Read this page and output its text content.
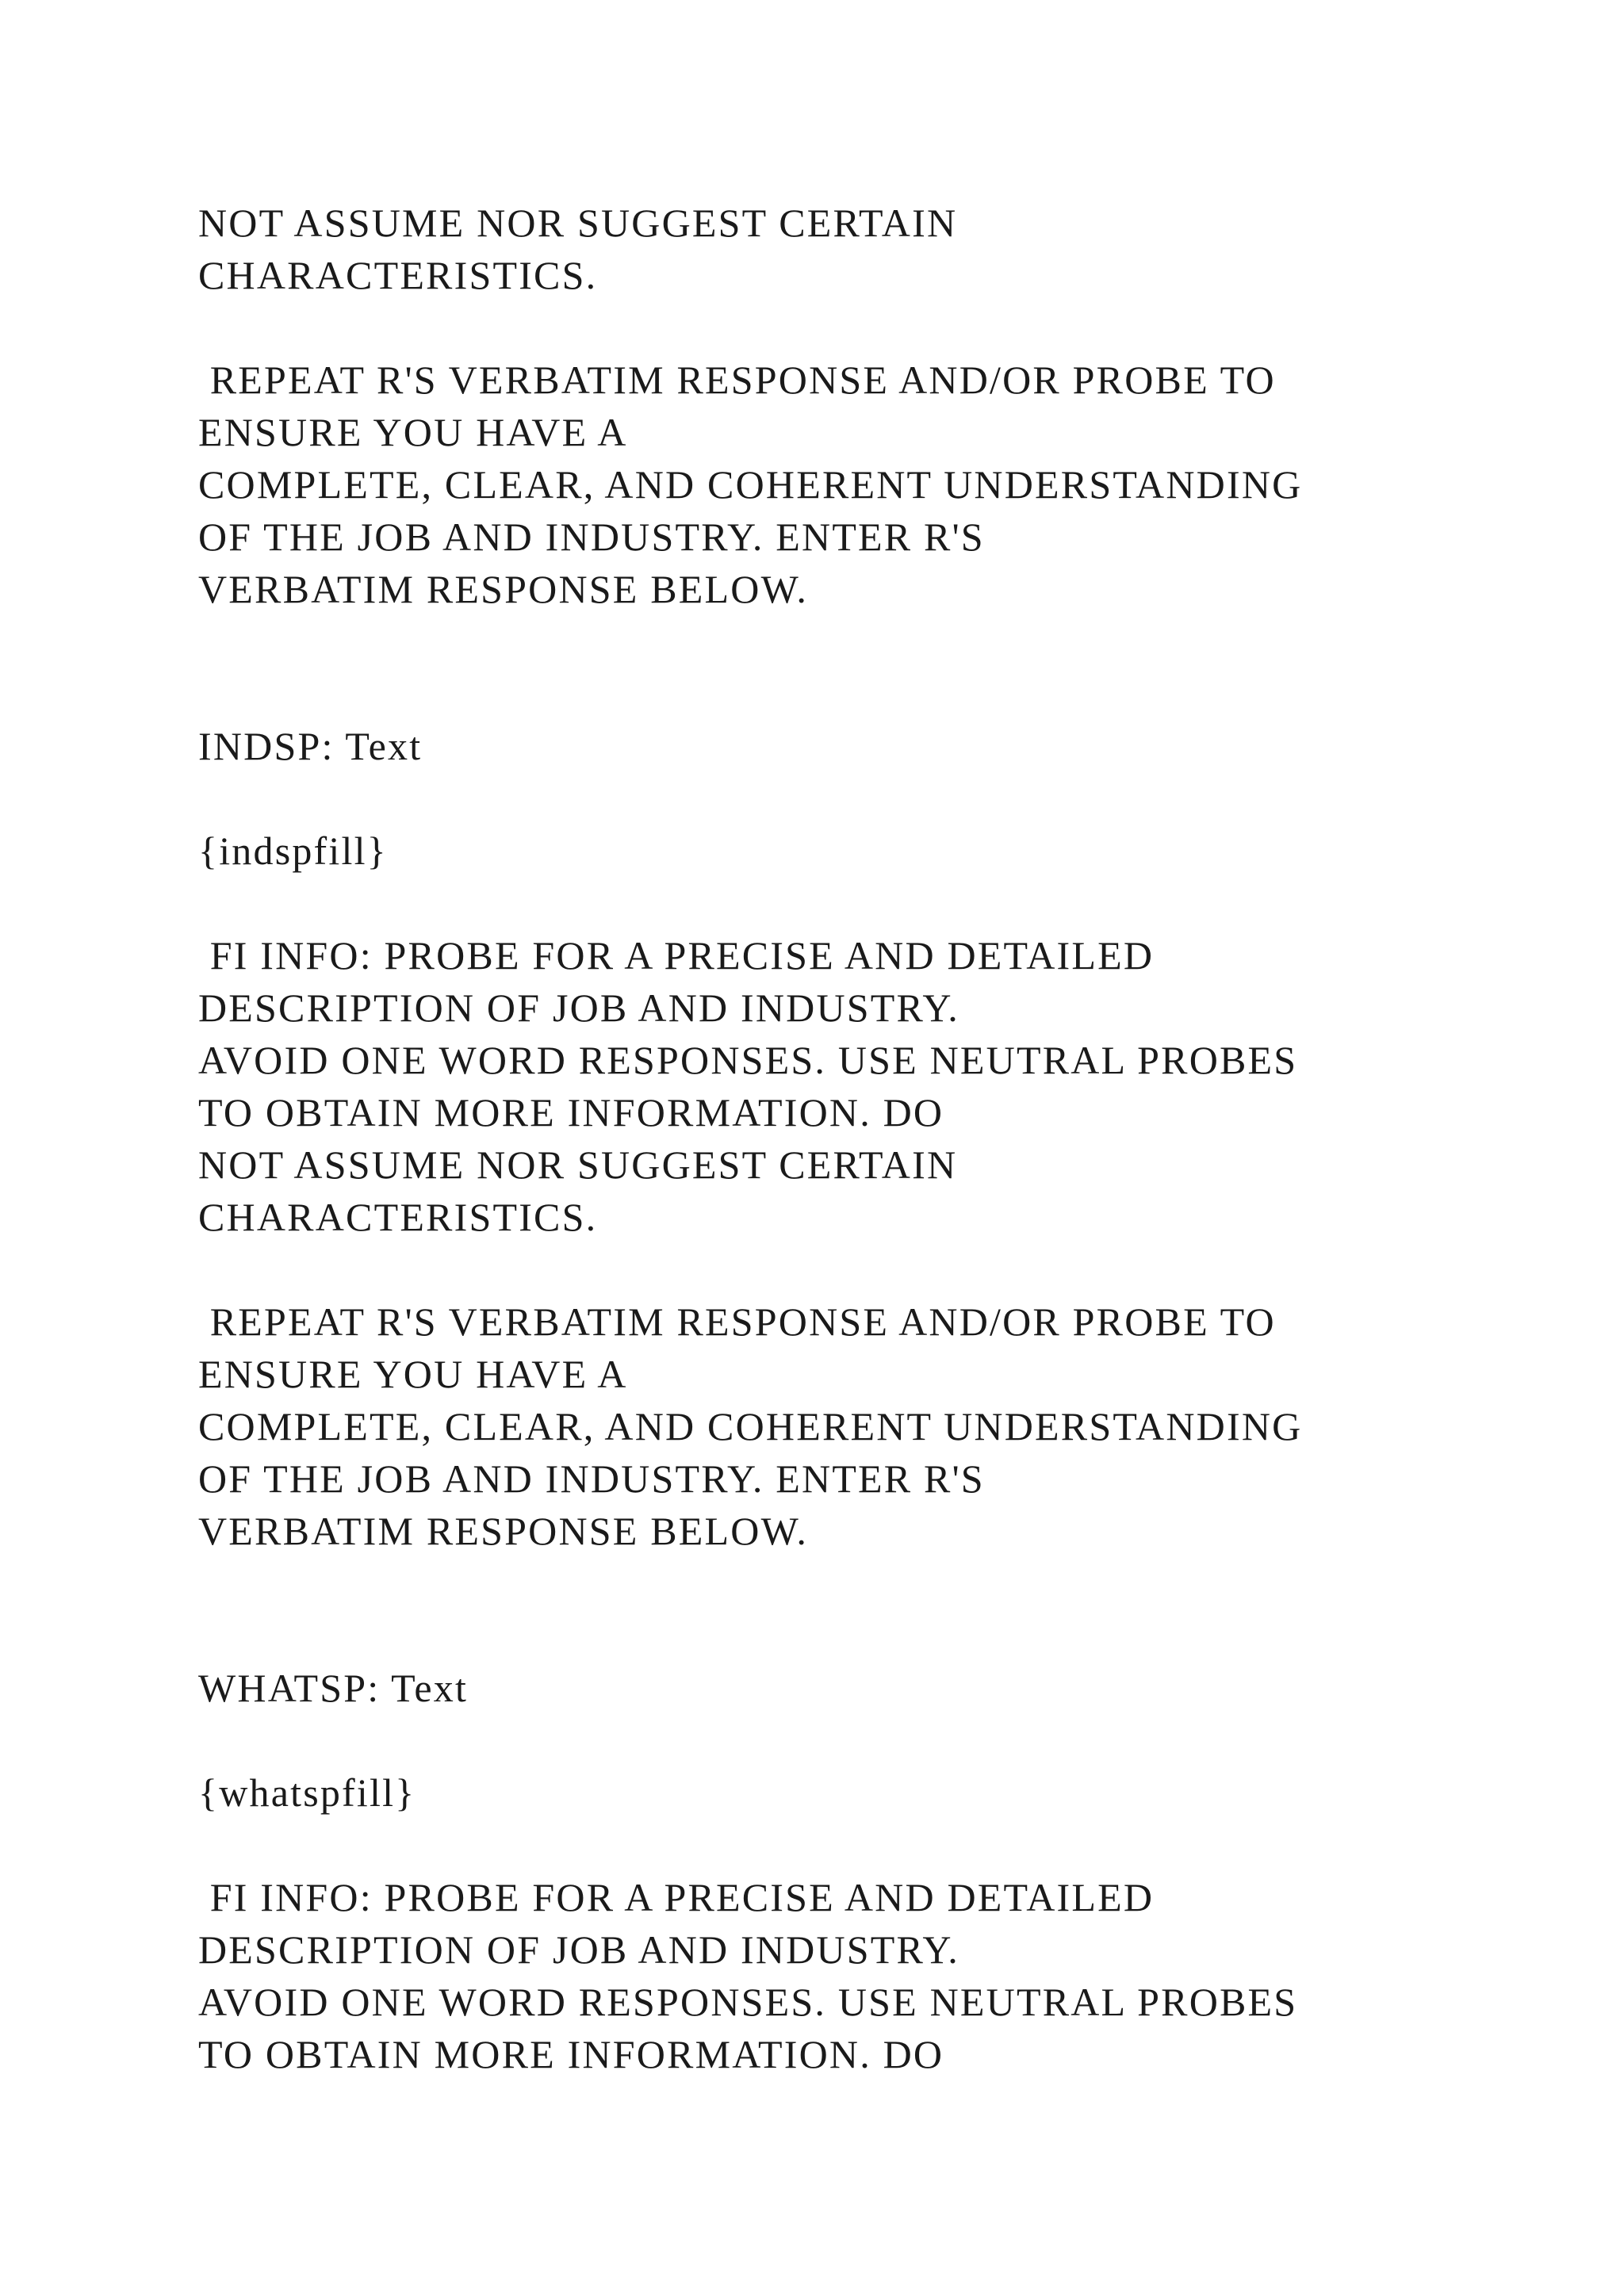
NOT ASSUME NOR SUGGEST CERTAIN
CHARACTERISTICS.
REPEAT R'S VERBATIM RESPONSE AND/OR PROBE TO
ENSURE YOU HAVE A
COMPLETE, CLEAR, AND COHERENT UNDERSTANDING
OF THE JOB AND INDUSTRY. ENTER R'S
VERBATIM RESPONSE BELOW.
INDSP: Text
{indspfill}
FI INFO: PROBE FOR A PRECISE AND DETAILED
DESCRIPTION OF JOB AND INDUSTRY.
AVOID ONE WORD RESPONSES. USE NEUTRAL PROBES
TO OBTAIN MORE INFORMATION. DO
NOT ASSUME NOR SUGGEST CERTAIN
CHARACTERISTICS.
REPEAT R'S VERBATIM RESPONSE AND/OR PROBE TO
ENSURE YOU HAVE A
COMPLETE, CLEAR, AND COHERENT UNDERSTANDING
OF THE JOB AND INDUSTRY. ENTER R'S
VERBATIM RESPONSE BELOW.
WHATSP: Text
{whatspfill}
FI INFO: PROBE FOR A PRECISE AND DETAILED
DESCRIPTION OF JOB AND INDUSTRY.
AVOID ONE WORD RESPONSES. USE NEUTRAL PROBES
TO OBTAIN MORE INFORMATION. DO
